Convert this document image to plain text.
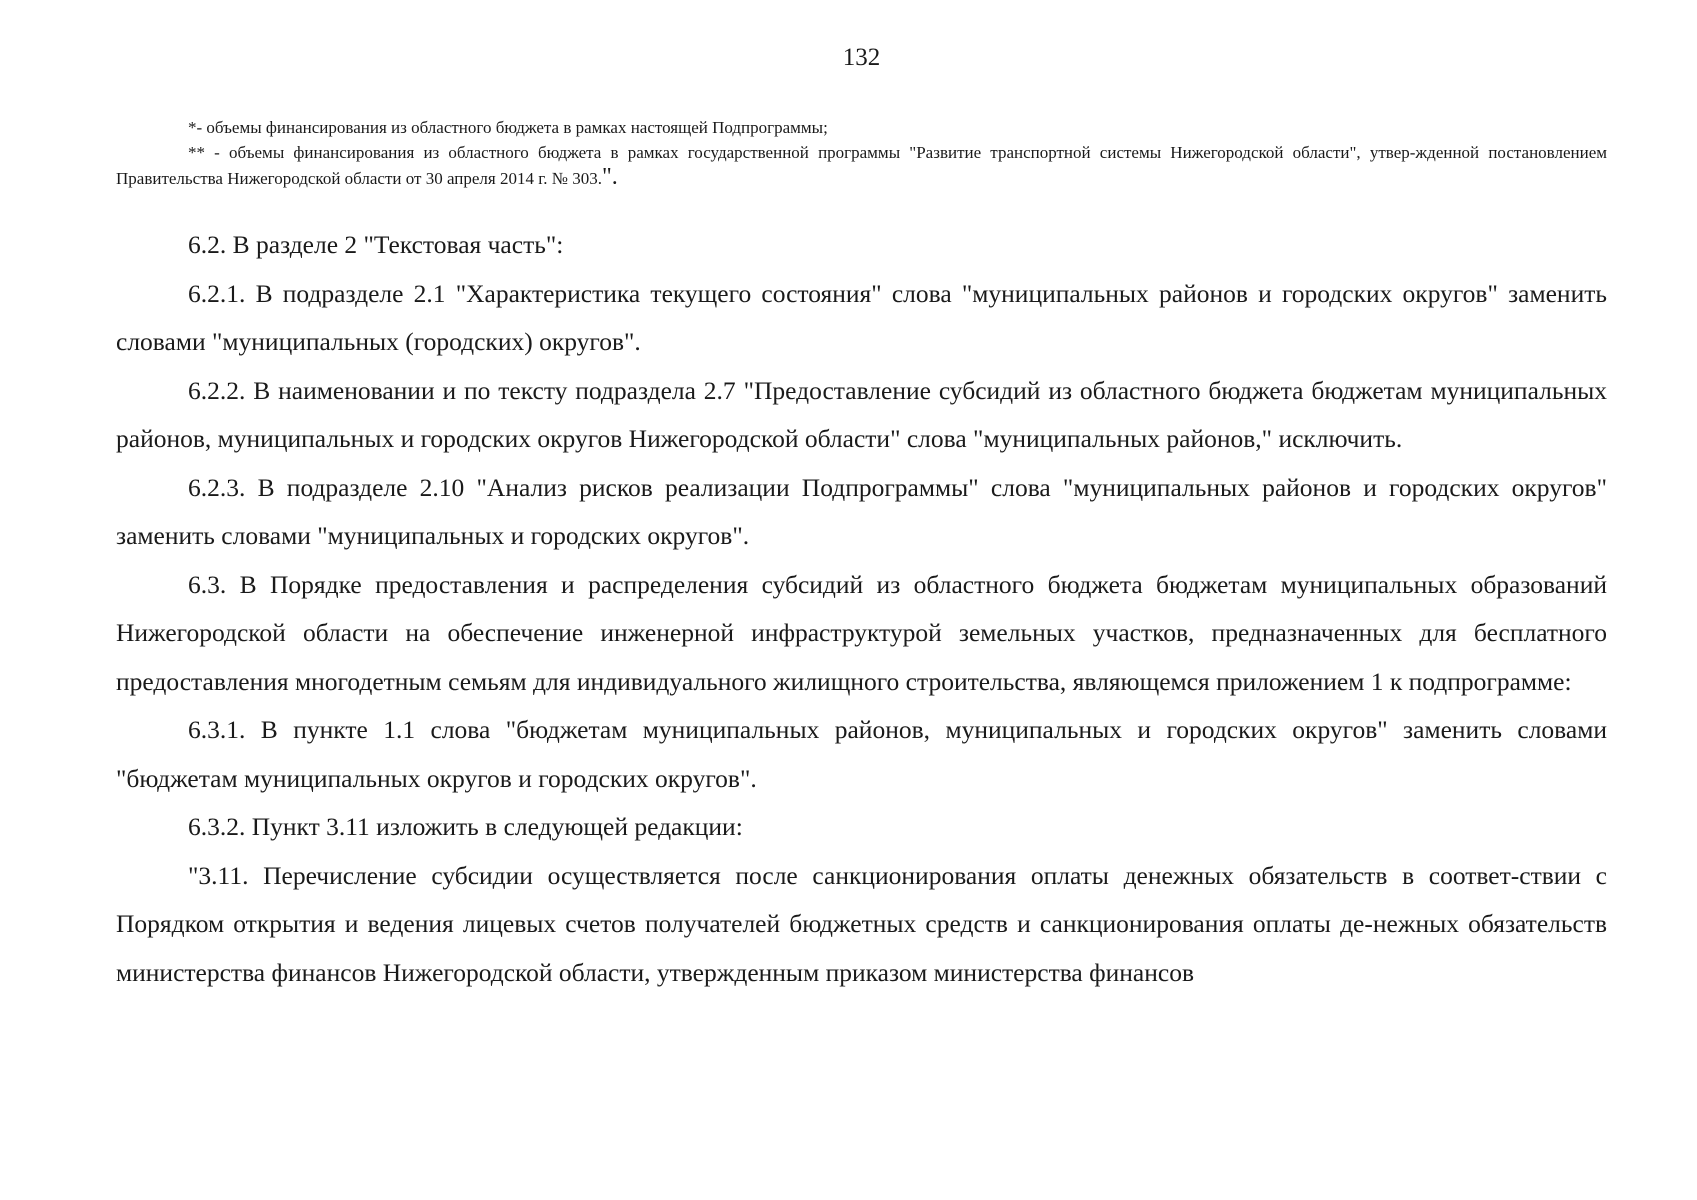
132

*- объемы финансирования из областного бюджета в рамках настоящей Подпрограммы;

** - объемы финансирования из областного бюджета в рамках государственной программы "Развитие транспортной системы Нижегородской области", утвер-жденной постановлением Правительства Нижегородской области от 30 апреля 2014 г. № 303.".

6.2. В разделе 2 "Текстовая часть":

6.2.1. В подразделе 2.1 "Характеристика текущего состояния" слова "муниципальных районов и городских округов" заменить словами "муниципальных (городских) округов".

6.2.2. В наименовании и по тексту подраздела 2.7 "Предоставление субсидий из областного бюджета бюджетам муниципальных районов, муниципальных и городских округов Нижегородской области" слова "муниципальных районов," исключить.

6.2.3. В подразделе 2.10 "Анализ рисков реализации Подпрограммы" слова "муниципальных районов и городских округов" заменить словами "муниципальных и городских округов".

6.3. В Порядке предоставления и распределения субсидий из областного бюджета бюджетам муниципальных образований Нижегородской области на обеспечение инженерной инфраструктурой земельных участков, предназначенных для бесплатного предоставления многодетным семьям для индивидуального жилищного строительства, являющемся приложением 1 к подпрограмме:

6.3.1. В пункте 1.1 слова "бюджетам муниципальных районов, муниципальных и городских округов" заменить словами "бюджетам муниципальных округов и городских округов".

6.3.2. Пункт 3.11 изложить в следующей редакции:

"3.11. Перечисление субсидии осуществляется после санкционирования оплаты денежных обязательств в соответ-ствии с Порядком открытия и ведения лицевых счетов получателей бюджетных средств и санкционирования оплаты де-нежных обязательств министерства финансов Нижегородской области, утвержденным приказом министерства финансов
